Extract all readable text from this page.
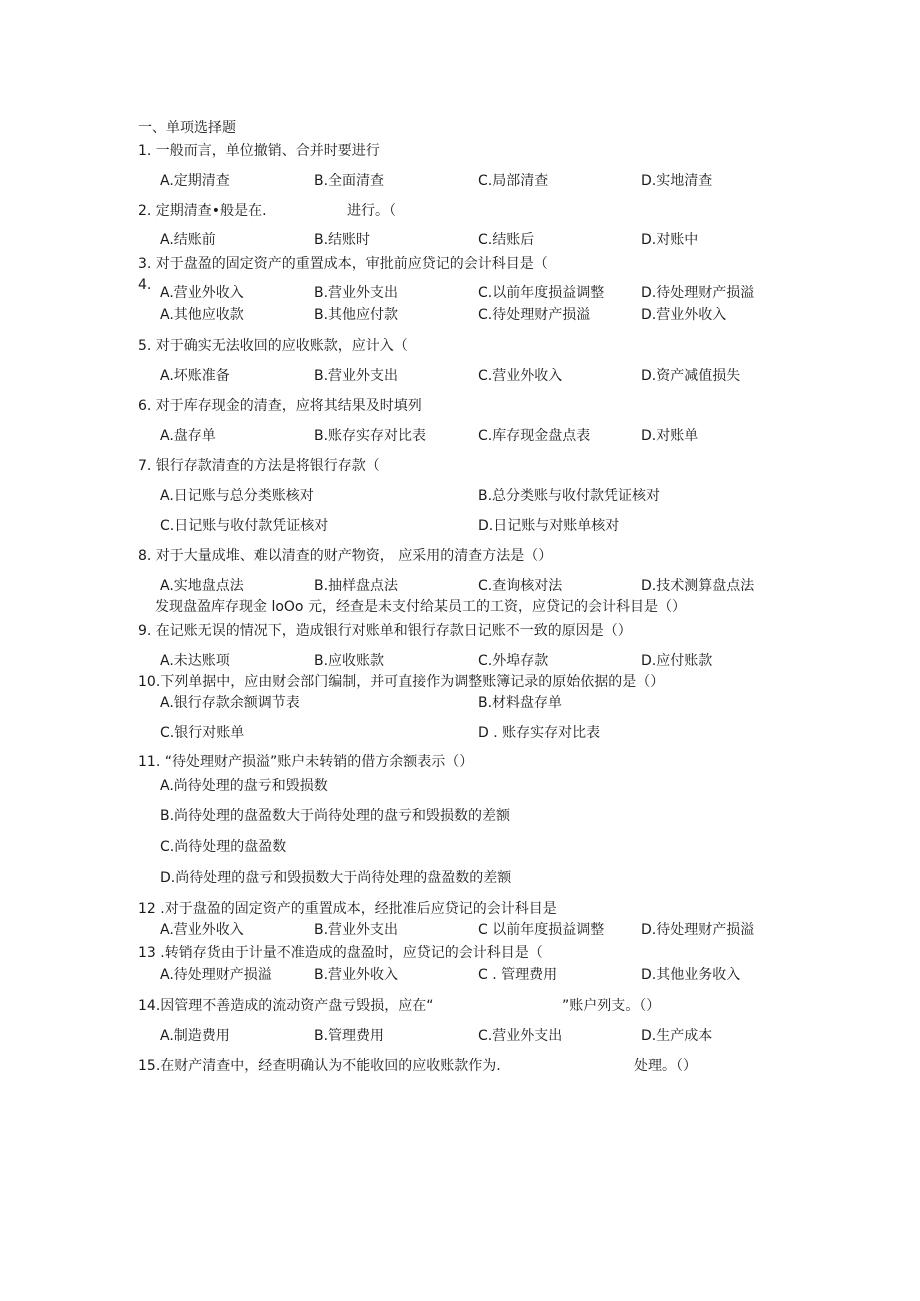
一、单项选择题
1. 一般而言，单位撤销、合并时要进行
A.定期清查	B.全面清查	C.局部清查	D.实地清查
2. 定期清查•般是在.	进行。（
A.结账前	B.结账时	C.结账后	D.对账中
3. 对于盘盈的固定资产的重置成本，审批前应贷记的会计科目是（
4. A.营业外收入	B.营业外支出	C.以前年度损益调整	D.待处理财产损溢
A.其他应收款	B.其他应付款	C.待处理财产损溢	D.营业外收入
5. 对于确实无法收回的应收账款，应计入（
A.坏账准备	B.营业外支出	C.营业外收入	D.资产减值损失
6. 对于库存现金的清查，应将其结果及时填列
A.盘存单	B.账存实存对比表	C.库存现金盘点表	D.对账单
7. 银行存款清查的方法是将银行存款（
A.日记账与总分类账核对	B.总分类账与收付款凭证核对
C.日记账与收付款凭证核对	D.日记账与对账单核对
8. 对于大量成堆、难以清查的财产物资， 应采用的清查方法是（）
A.实地盘点法	B.抽样盘点法	C.查询核对法	D.技术测算盘点法
发现盘盈库存现金 loOo 元，经查是未支付给某员工的工资，应贷记的会计科目是（）
9. 在记账无误的情况下，造成银行对账单和银行存款日记账不一致的原因是（）
A.未达账项	B.应收账款	C.外埠存款	D.应付账款
10.下列单据中，应由财会部门编制，并可直接作为调整账簿记录的原始依据的是（）
A.银行存款余额调节表	B.材料盘存单
C.银行对账单	D . 账存实存对比表
11. “待处理财产损溢”账户未转销的借方余额表示（）
A.尚待处理的盘亏和毁损数
B.尚待处理的盘盈数大于尚待处理的盘亏和毁损数的差额
C.尚待处理的盘盈数
D.尚待处理的盘亏和毁损数大于尚待处理的盘盈数的差额
12 .对于盘盈的固定资产的重置成本，经批准后应贷记的会计科目是
A.营业外收入	B.营业外支出	C 以前年度损益调整	D.待处理财产损溢
13 .转销存货由于计量不准造成的盘盈时，应贷记的会计科目是（
A.待处理财产损溢	B.营业外收入	C . 管理费用	D.其他业务收入
14.因管理不善造成的流动资产盘亏毁损，应在“	”账户列支。（）
A.制造费用	B.管理费用	C.营业外支出	D.生产成本
15.在财产清查中，经查明确认为不能收回的应收账款作为.	处理。（）
